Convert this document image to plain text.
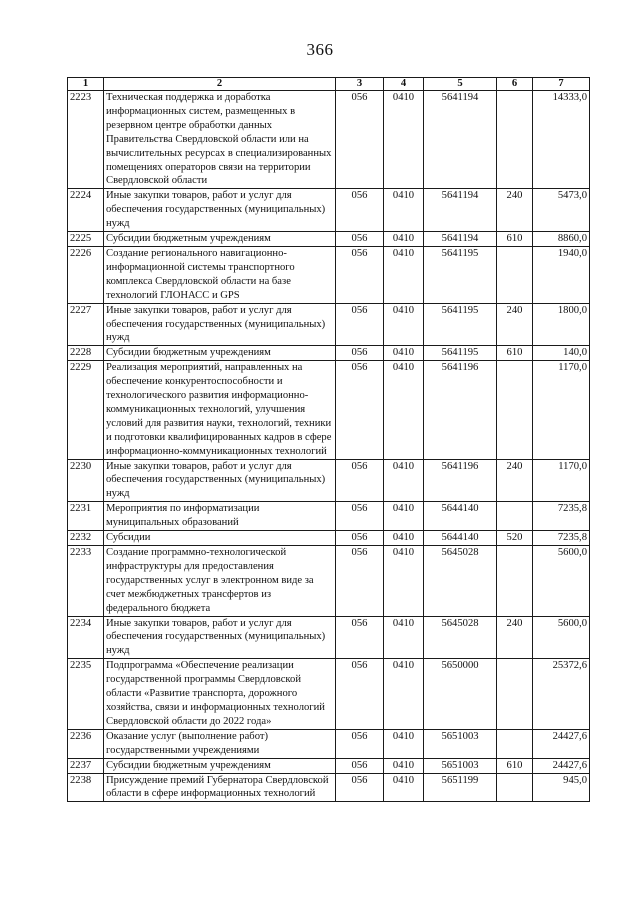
366
1	2	3	4	5	6	7
2223	Техническая поддержка и доработка информационных систем, размещенных в резервном центре обработки данных Правительства Свердловской области или на вычислительных ресурсах в специализированных помещениях операторов связи на территории Свердловской области	056	0410	5641194		14333,0
2224	Иные закупки товаров, работ и услуг для обеспечения государственных (муниципальных) нужд	056	0410	5641194	240	5473,0
2225	Субсидии бюджетным учреждениям	056	0410	5641194	610	8860,0
2226	Создание регионального навигационно-информационной системы транспортного комплекса Свердловской области на базе технологий ГЛОНАСС и GPS	056	0410	5641195		1940,0
2227	Иные закупки товаров, работ и услуг для обеспечения государственных (муниципальных) нужд	056	0410	5641195	240	1800,0
2228	Субсидии бюджетным учреждениям	056	0410	5641195	610	140,0
2229	Реализация мероприятий, направленных на обеспечение конкурентоспособности и технологического развития информационно-коммуникационных технологий, улучшения условий для развития науки, технологий, техники и подготовки квалифицированных кадров в сфере информационно-коммуникационных технологий	056	0410	5641196		1170,0
2230	Иные закупки товаров, работ и услуг для обеспечения государственных (муниципальных) нужд	056	0410	5641196	240	1170,0
2231	Мероприятия по информатизации муниципальных образований	056	0410	5644140		7235,8
2232	Субсидии	056	0410	5644140	520	7235,8
2233	Создание программно-технологической инфраструктуры для предоставления государственных услуг в электронном виде за счет межбюджетных трансфертов из федерального бюджета	056	0410	5645028		5600,0
2234	Иные закупки товаров, работ и услуг для обеспечения государственных (муниципальных) нужд	056	0410	5645028	240	5600,0
2235	Подпрограмма «Обеспечение реализации государственной программы Свердловской области «Развитие транспорта, дорожного хозяйства, связи и информационных технологий Свердловской области до 2022 года»	056	0410	5650000		25372,6
2236	Оказание услуг (выполнение работ) государственными учреждениями	056	0410	5651003		24427,6
2237	Субсидии бюджетным учреждениям	056	0410	5651003	610	24427,6
2238	Присуждение премий Губернатора Свердловской области в сфере информационных технологий	056	0410	5651199		945,0
